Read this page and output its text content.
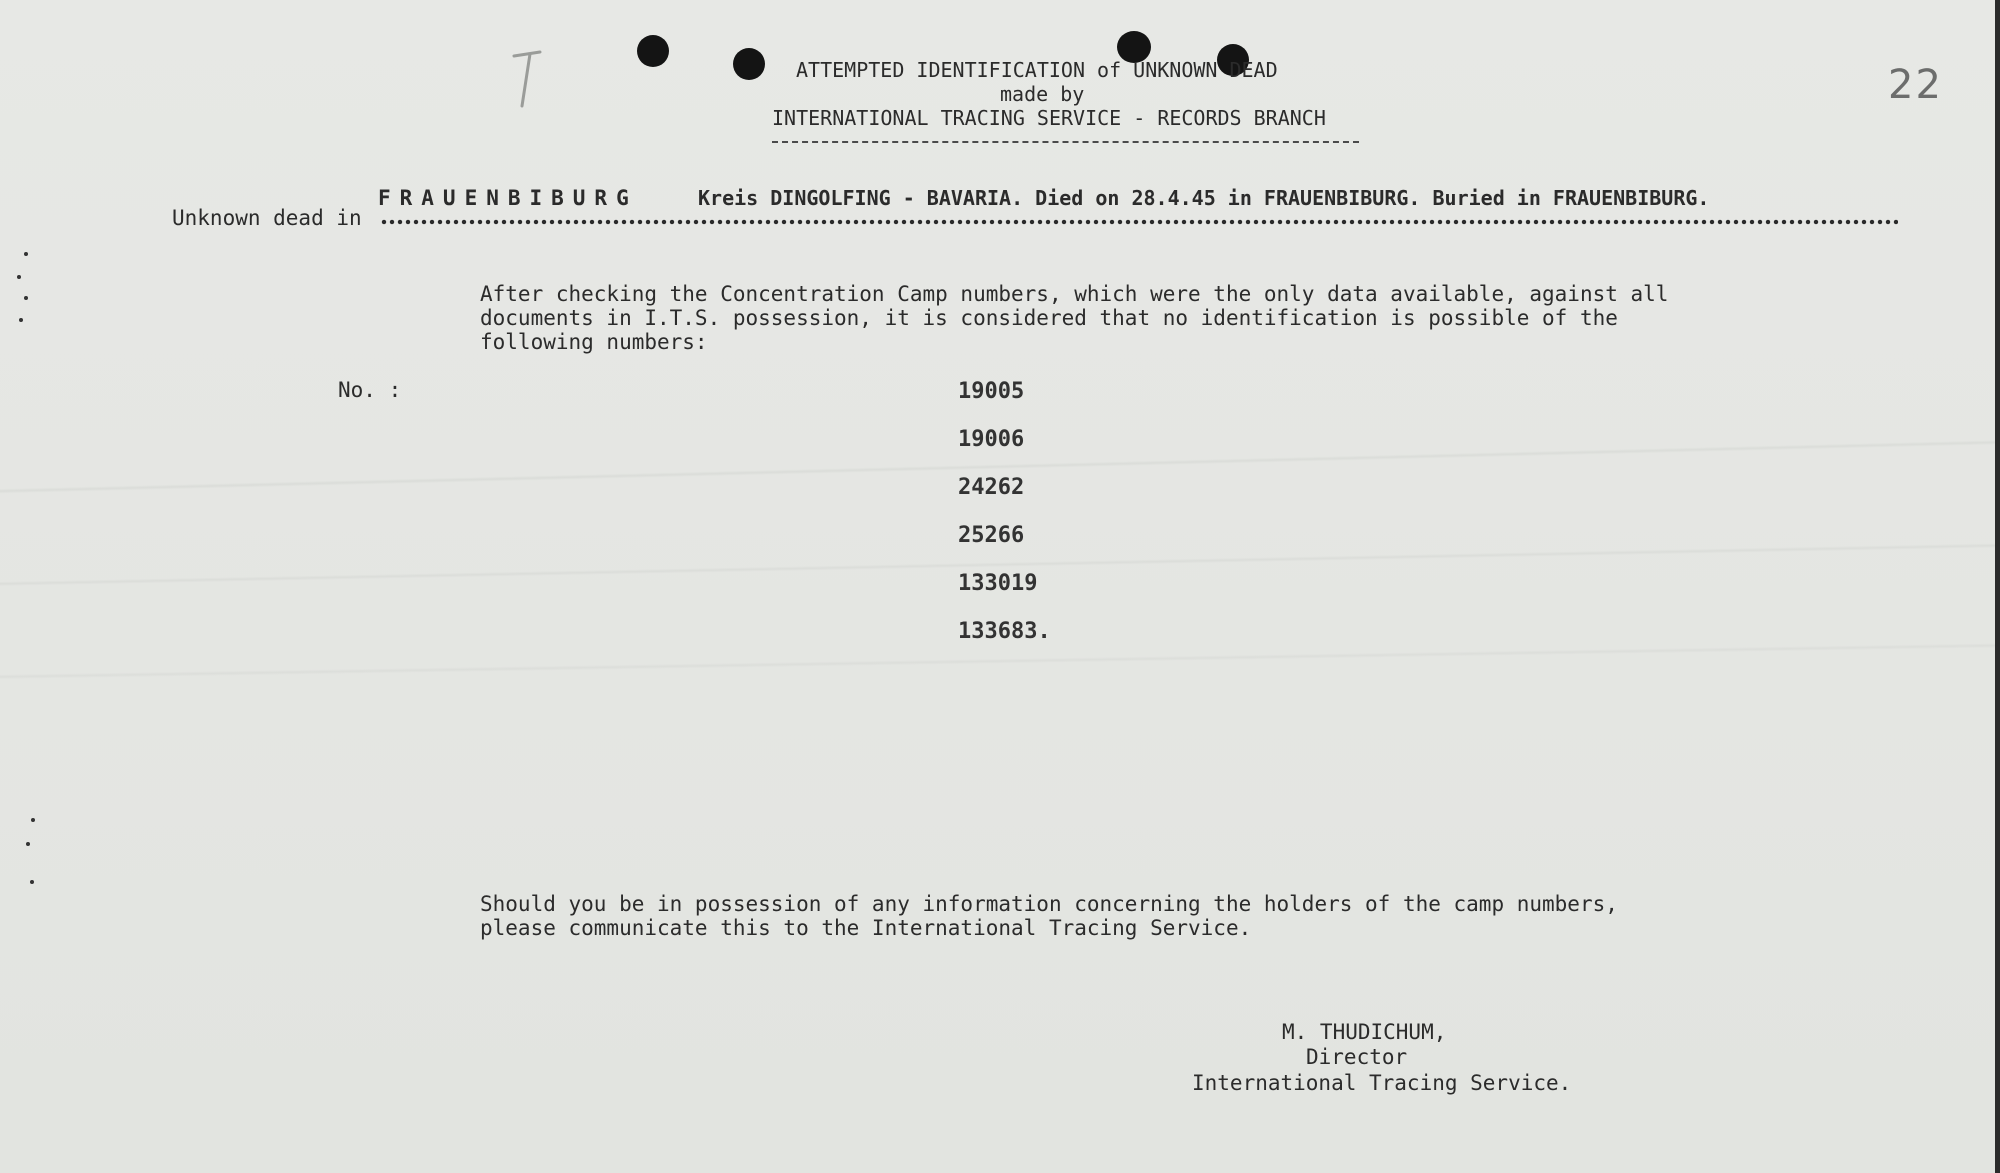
ATTEMPTED IDENTIFICATION of UNKNOWN DEAD
made by
INTERNATIONAL TRACING SERVICE - RECORDS BRANCH
22
Unknown dead in
FRAUENBIBURG	Kreis DINGOLFING - BAVARIA. Died on 28.4.45 in FRAUENBIBURG. Buried in FRAUENBIBURG.
After checking the Concentration Camp numbers, which were the only data available, against all
documents in I.T.S. possession, it is considered that no identification is possible of the
following numbers:
No. :	19005
19006
24262
25266
133019
133683.
Should you be in possession of any information concerning the holders of the camp numbers,
please communicate this to the International Tracing Service.
M. THUDICHUM,
Director
International Tracing Service.
